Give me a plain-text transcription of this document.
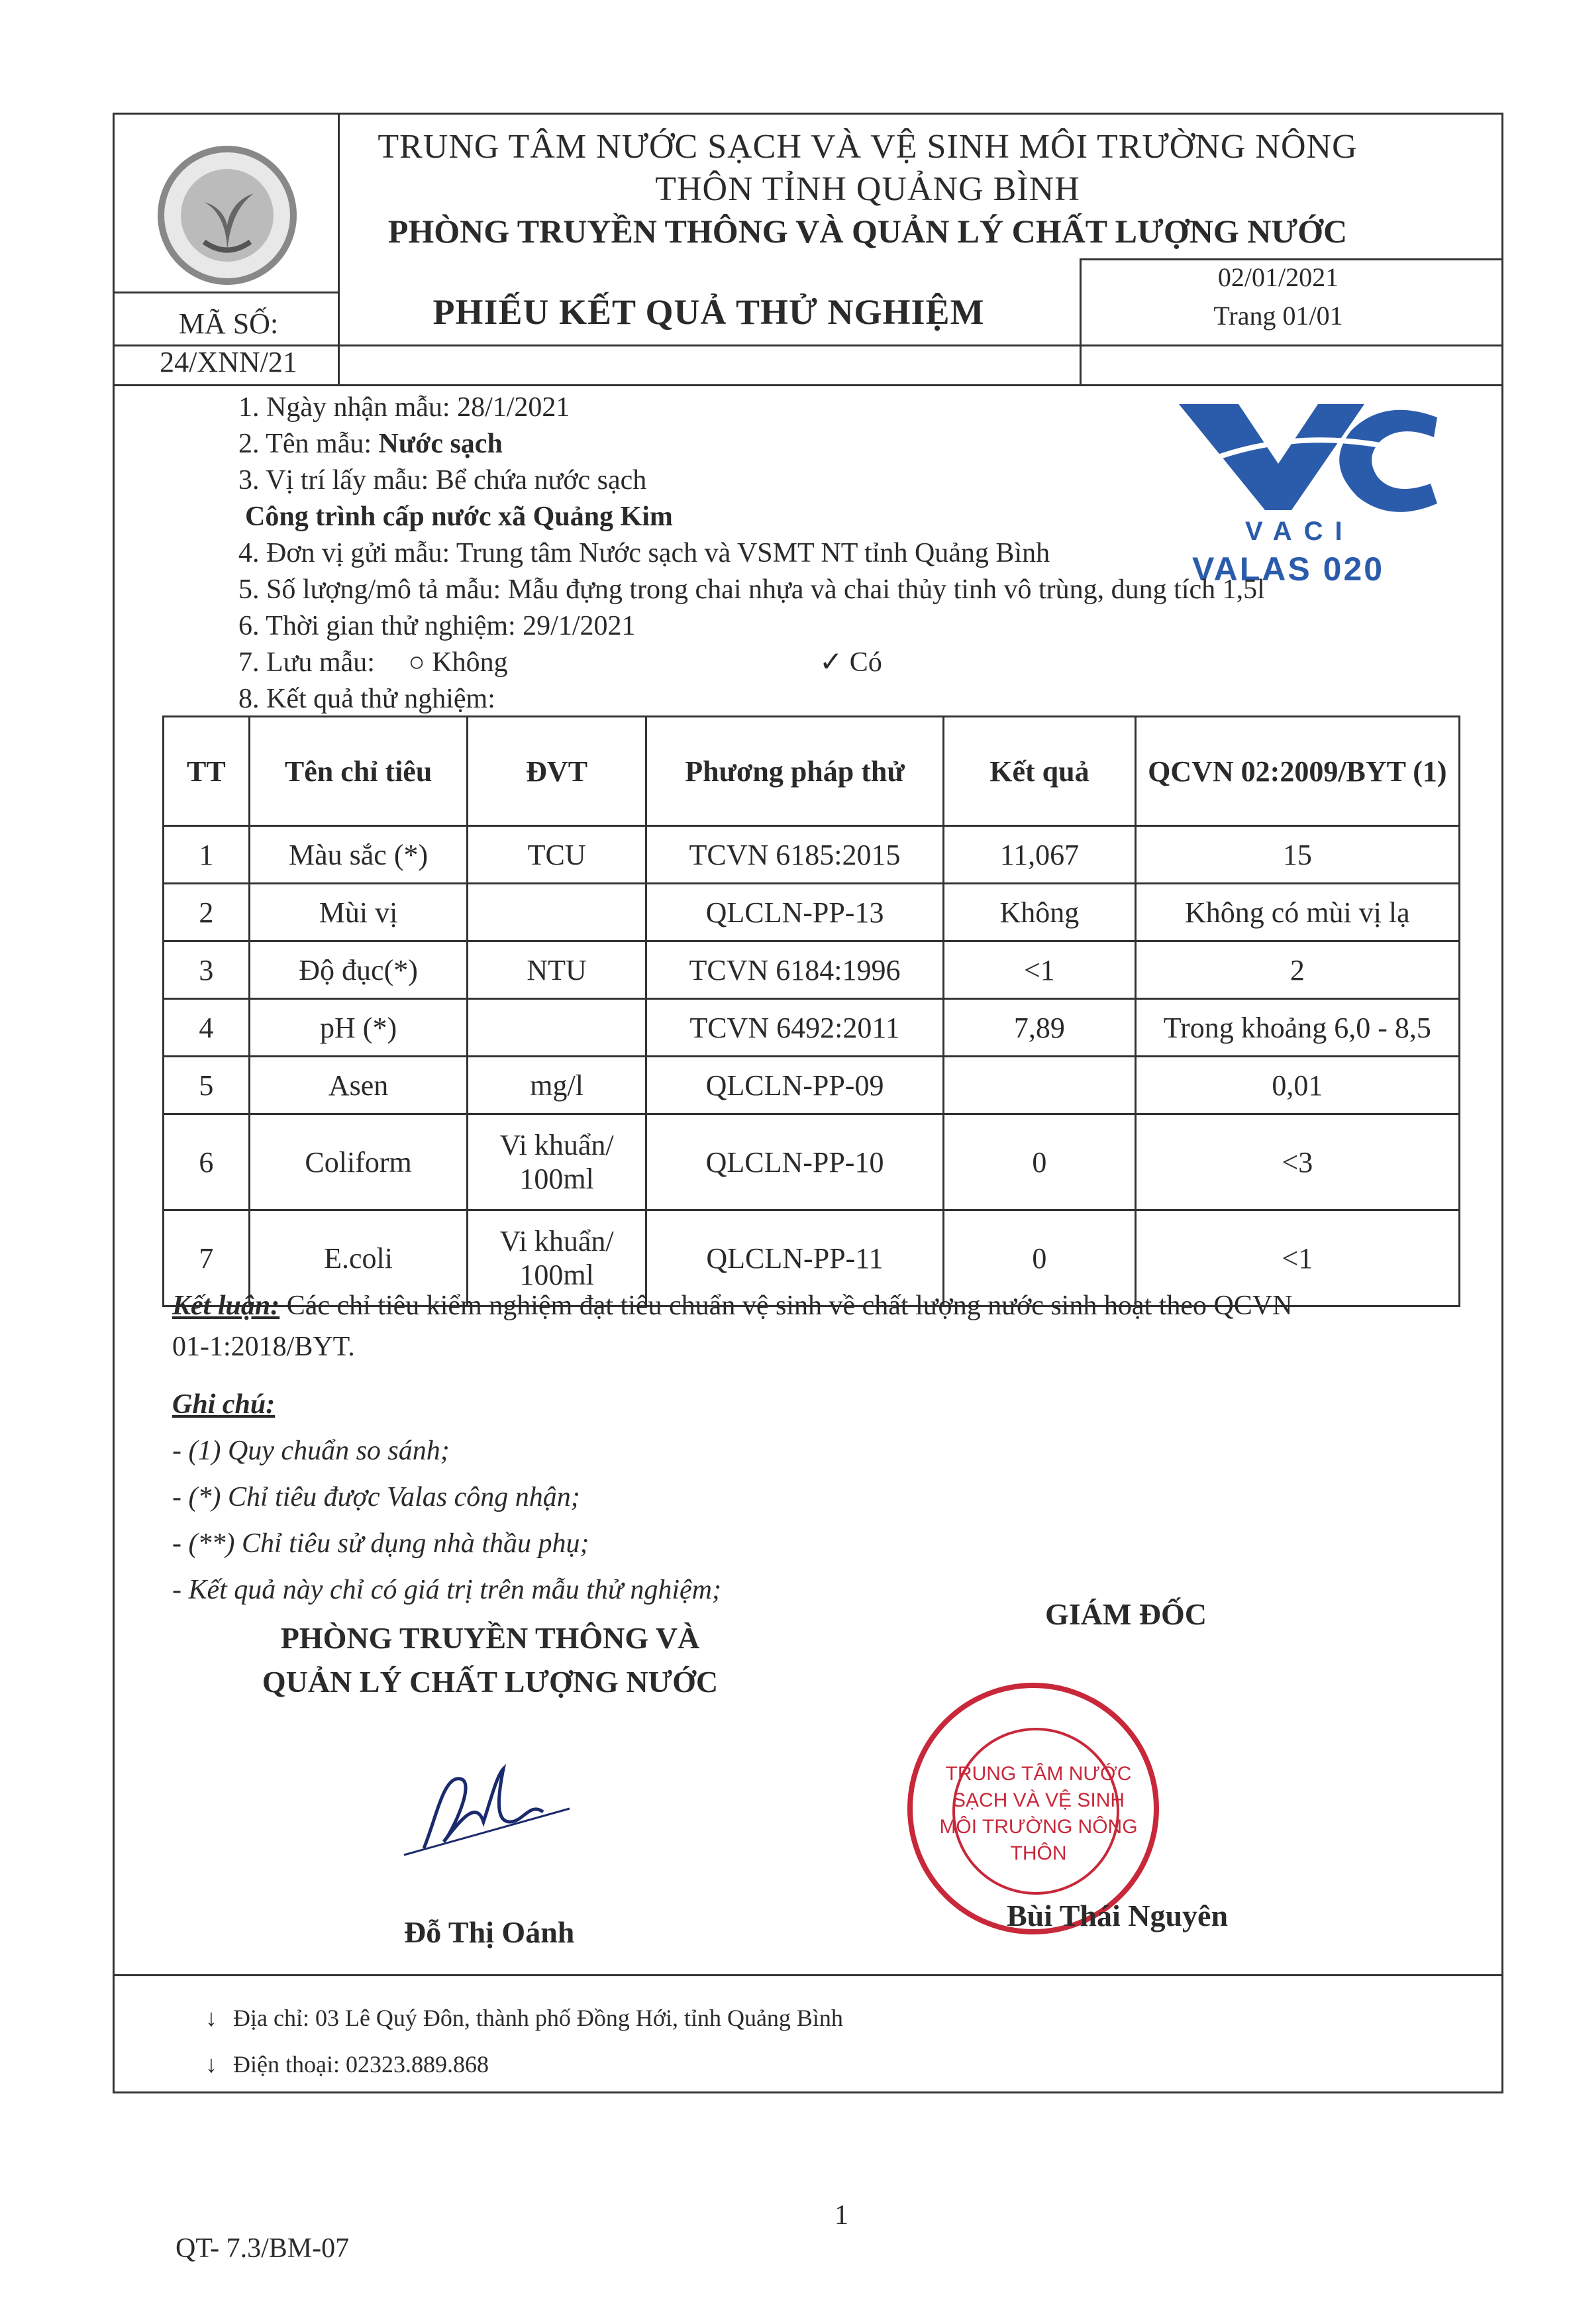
TRUNG TÂM NƯỚC SẠCH VÀ VỆ SINH MÔI TRƯỜNG NÔNG
THÔN TỈNH QUẢNG BÌNH
PHÒNG TRUYỀN THÔNG VÀ QUẢN LÝ CHẤT LƯỢNG NƯỚC
MÃ SỐ:
24/XNN/21
PHIẾU KẾT QUẢ THỬ NGHIỆM
02/01/2021
Trang 01/01
VACI
VALAS 020
1. Ngày nhận mẫu: 28/1/2021
2. Tên mẫu: Nước sạch
3. Vị trí lấy mẫu: Bể chứa nước sạch
Công trình cấp nước xã Quảng Kim
4. Đơn vị gửi mẫu: Trung tâm Nước sạch và VSMT NT tỉnh Quảng Bình
5. Số lượng/mô tả mẫu: Mẫu đựng trong chai nhựa và chai thủy tinh vô trùng, dung tích 1,5l
6. Thời gian thử nghiệm: 29/1/2021
7. Lưu mẫu: ○ Không	✓ Có
8. Kết quả thử nghiệm:
TT	Tên chỉ tiêu	ĐVT	Phương pháp thử	Kết quả	QCVN 02:2009/BYT (1)
1	Màu sắc (*)	TCU	TCVN 6185:2015	11,067	15
2	Mùi vị		QLCLN-PP-13	Không	Không có mùi vị lạ
3	Độ đục(*)	NTU	TCVN 6184:1996	<1	2
4	pH (*)		TCVN 6492:2011	7,89	Trong khoảng 6,0 - 8,5
5	Asen	mg/l	QLCLN-PP-09		0,01
6	Coliform	Vi khuẩn/ 100ml	QLCLN-PP-10	0	<3
7	E.coli	Vi khuẩn/ 100ml	QLCLN-PP-11	0	<1
Kết luận: Các chỉ tiêu kiểm nghiệm đạt tiêu chuẩn vệ sinh về chất lượng nước sinh hoạt theo QCVN
01-1:2018/BYT.
Ghi chú:
- (1) Quy chuẩn so sánh;
- (*) Chỉ tiêu được Valas công nhận;
- (**) Chỉ tiêu sử dụng nhà thầu phụ;
- Kết quả này chỉ có giá trị trên mẫu thử nghiệm;
PHÒNG TRUYỀN THÔNG VÀ
QUẢN LÝ CHẤT LƯỢNG NƯỚC
Đỗ Thị Oánh
GIÁM ĐỐC
TRUNG TÂM NƯỚC SẠCH VÀ VỆ SINH MÔI TRƯỜNG NÔNG THÔN
Bùi Thái Nguyên
↓ Địa chỉ: 03 Lê Quý Đôn, thành phố Đồng Hới, tỉnh Quảng Bình
↓ Điện thoại: 02323.889.868
1
QT- 7.3/BM-07
